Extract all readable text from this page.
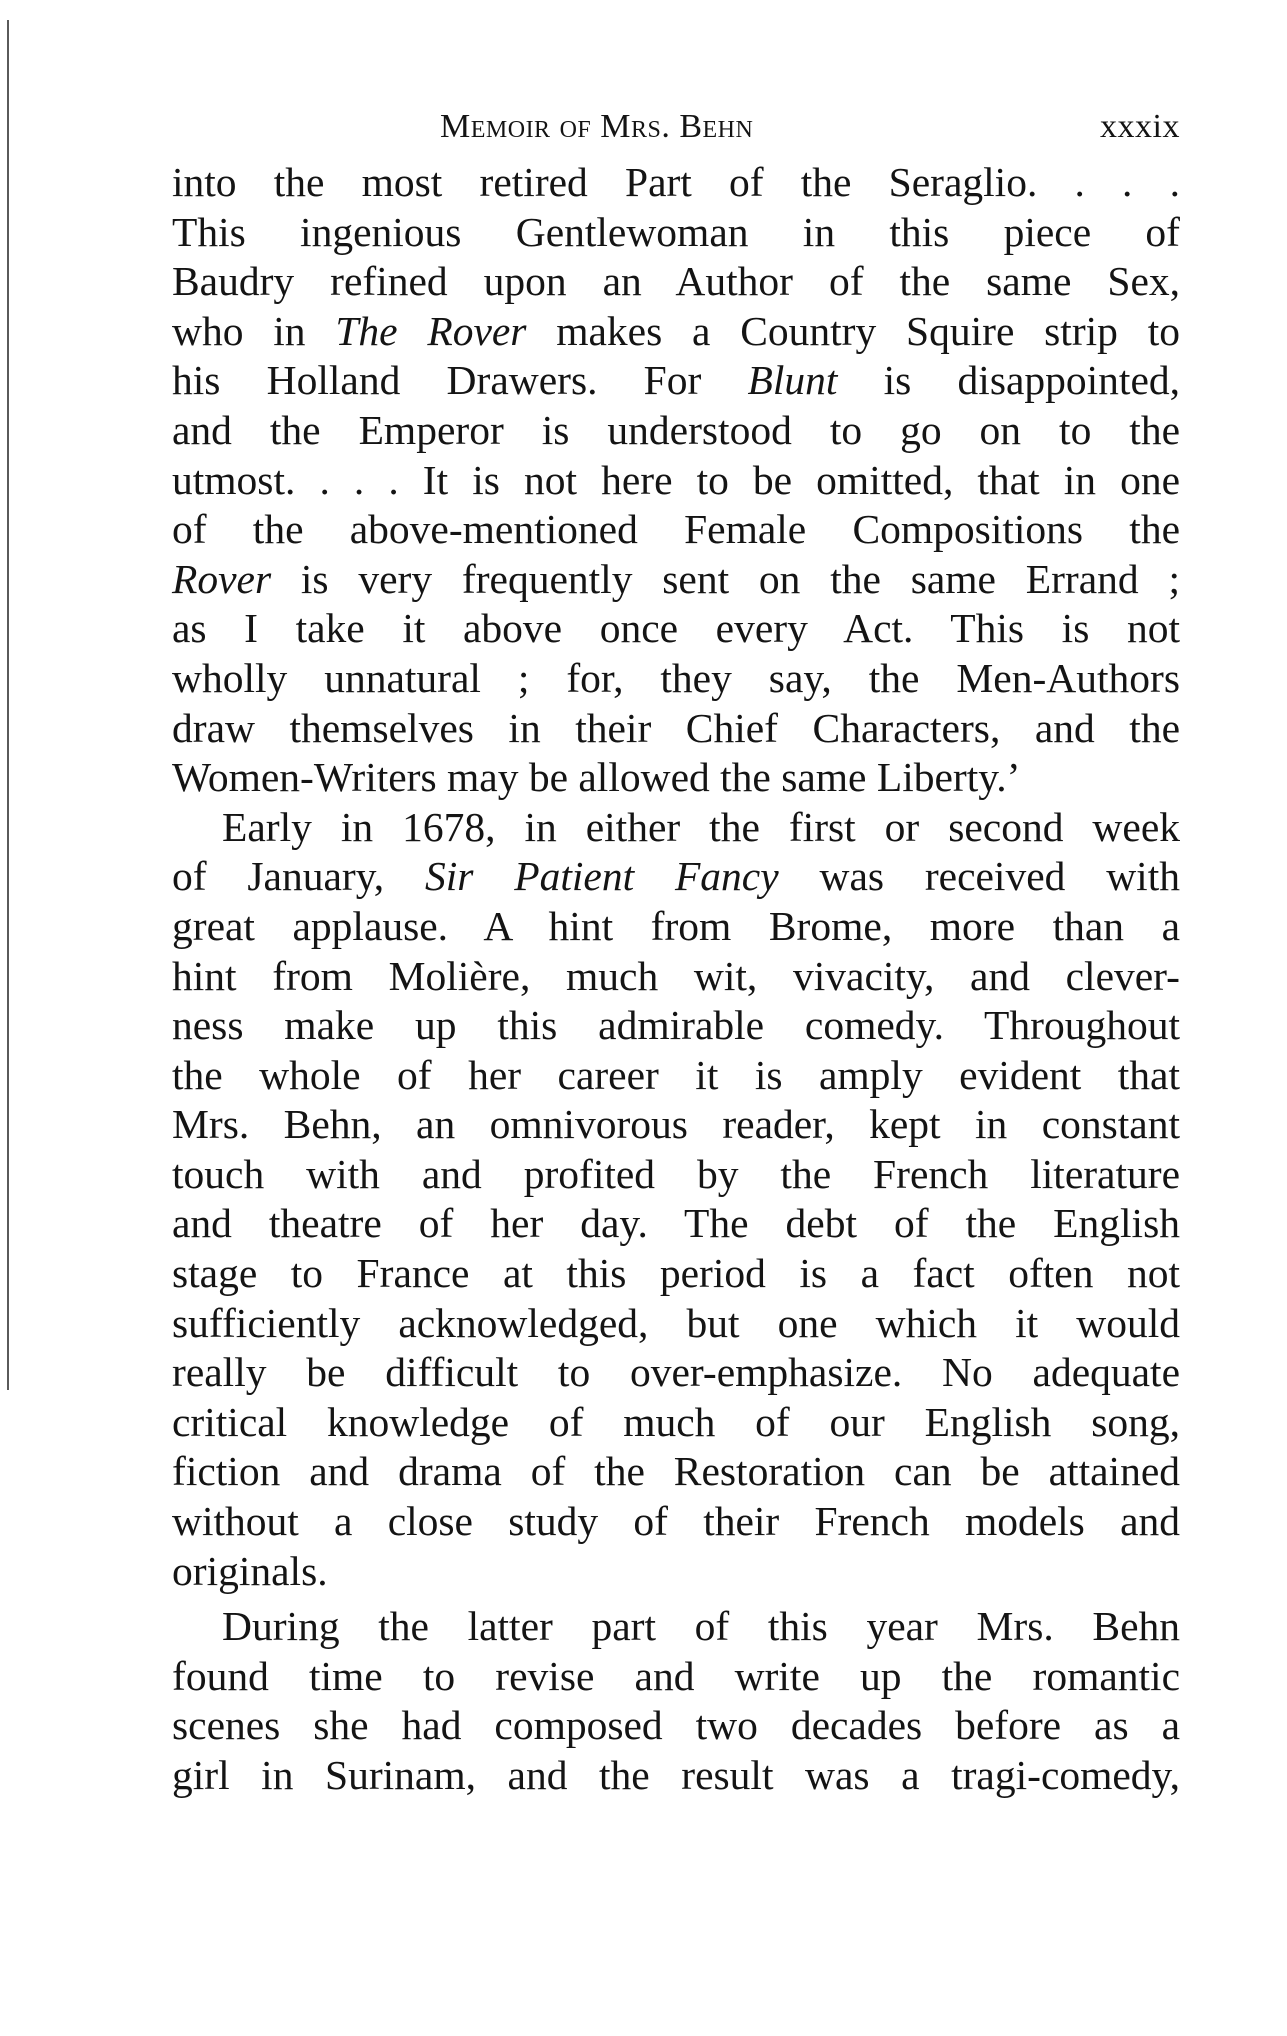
Memoir of Mrs. Behn	xxxix
into the most retired Part of the Seraglio. . . .
This ingenious Gentlewoman in this piece of
Baudry refined upon an Author of the same Sex,
who in The Rover makes a Country Squire strip to
his Holland Drawers. For Blunt is disappointed,
and the Emperor is understood to go on to the
utmost. . . . It is not here to be omitted, that in one
of the above-mentioned Female Compositions the
Rover is very frequently sent on the same Errand ;
as I take it above once every Act. This is not
wholly unnatural ; for, they say, the Men-Authors
draw themselves in their Chief Characters, and the
Women-Writers may be allowed the same Liberty.’
Early in 1678, in either the first or second week
of January, Sir Patient Fancy was received with
great applause. A hint from Brome, more than a
hint from Molière, much wit, vivacity, and clever-
ness make up this admirable comedy. Throughout
the whole of her career it is amply evident that
Mrs. Behn, an omnivorous reader, kept in constant
touch with and profited by the French literature
and theatre of her day. The debt of the English
stage to France at this period is a fact often not
sufficiently acknowledged, but one which it would
really be difficult to over-emphasize. No adequate
critical knowledge of much of our English song,
fiction and drama of the Restoration can be attained
without a close study of their French models and
originals.
During the latter part of this year Mrs. Behn
found time to revise and write up the romantic
scenes she had composed two decades before as a
girl in Surinam, and the result was a tragi-comedy,
